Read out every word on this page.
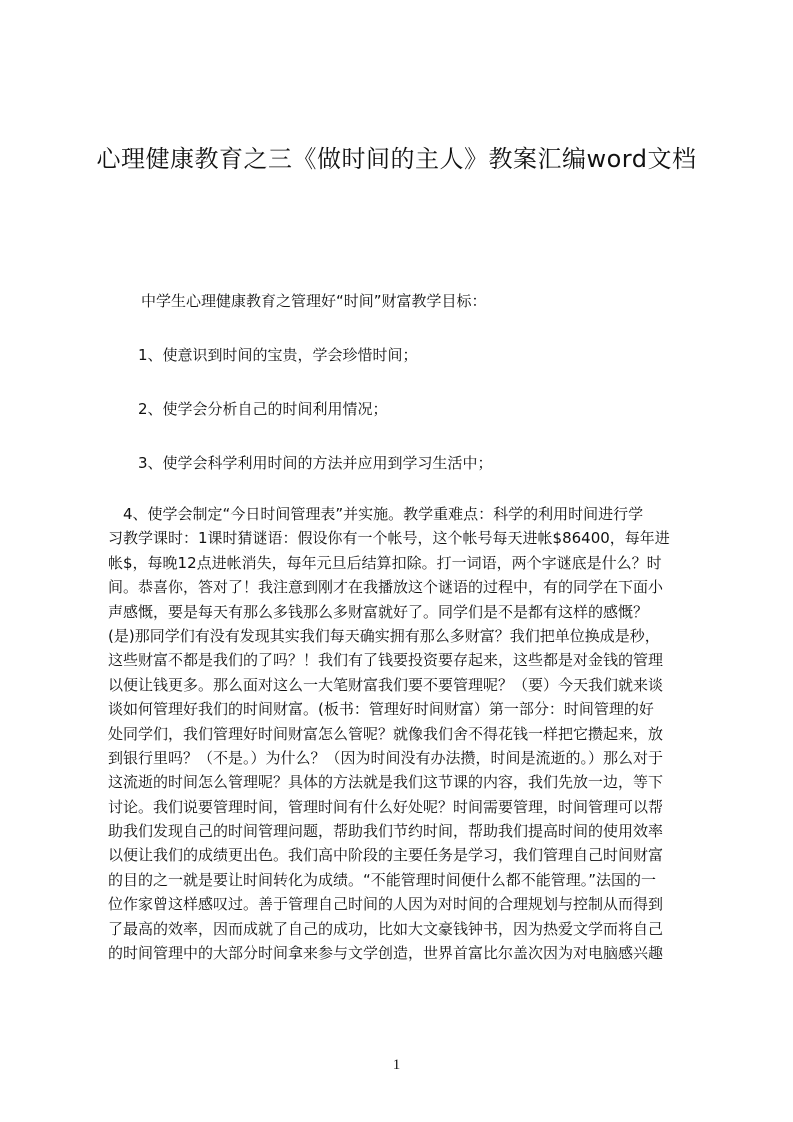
心理健康教育之三《做时间的主人》教案汇编word文档
中学生心理健康教育之管理好“时间”财富教学目标：
1、使意识到时间的宝贵，学会珍惜时间；
2、使学会分析自己的时间利用情况；
3、使学会科学利用时间的方法并应用到学习生活中；
　4、使学会制定“今日时间管理表”并实施。教学重难点：科学的利用时间进行学
习教学课时：1课时猜谜语：假设你有一个帐号，这个帐号每天进帐$86400，每年进
帐$，每晚12点进帐消失，每年元旦后结算扣除。打一词语，两个字谜底是什么？时
间。恭喜你，答对了！我注意到刚才在我播放这个谜语的过程中，有的同学在下面小
声感慨，要是每天有那么多钱那么多财富就好了。同学们是不是都有这样的感慨？
(是)那同学们有没有发现其实我们每天确实拥有那么多财富？我们把单位换成是秒，
这些财富不都是我们的了吗？！我们有了钱要投资要存起来，这些都是对金钱的管理
以便让钱更多。那么面对这么一大笔财富我们要不要管理呢？（要）今天我们就来谈
谈如何管理好我们的时间财富。(板书：管理好时间财富）第一部分：时间管理的好
处同学们，我们管理好时间财富怎么管呢？就像我们舍不得花钱一样把它攒起来，放
到银行里吗？（不是。）为什么？（因为时间没有办法攒，时间是流逝的。）那么对于
这流逝的时间怎么管理呢？具体的方法就是我们这节课的内容，我们先放一边，等下
讨论。我们说要管理时间，管理时间有什么好处呢？时间需要管理，时间管理可以帮
助我们发现自己的时间管理问题，帮助我们节约时间，帮助我们提高时间的使用效率
以便让我们的成绩更出色。我们高中阶段的主要任务是学习，我们管理自己时间财富
的目的之一就是要让时间转化为成绩。“不能管理时间便什么都不能管理。”法国的一
位作家曾这样感叹过。善于管理自己时间的人因为对时间的合理规划与控制从而得到
了最高的效率，因而成就了自己的成功，比如大文豪钱钟书，因为热爱文学而将自己
的时间管理中的大部分时间拿来参与文学创造，世界首富比尔盖次因为对电脑感兴趣
1
